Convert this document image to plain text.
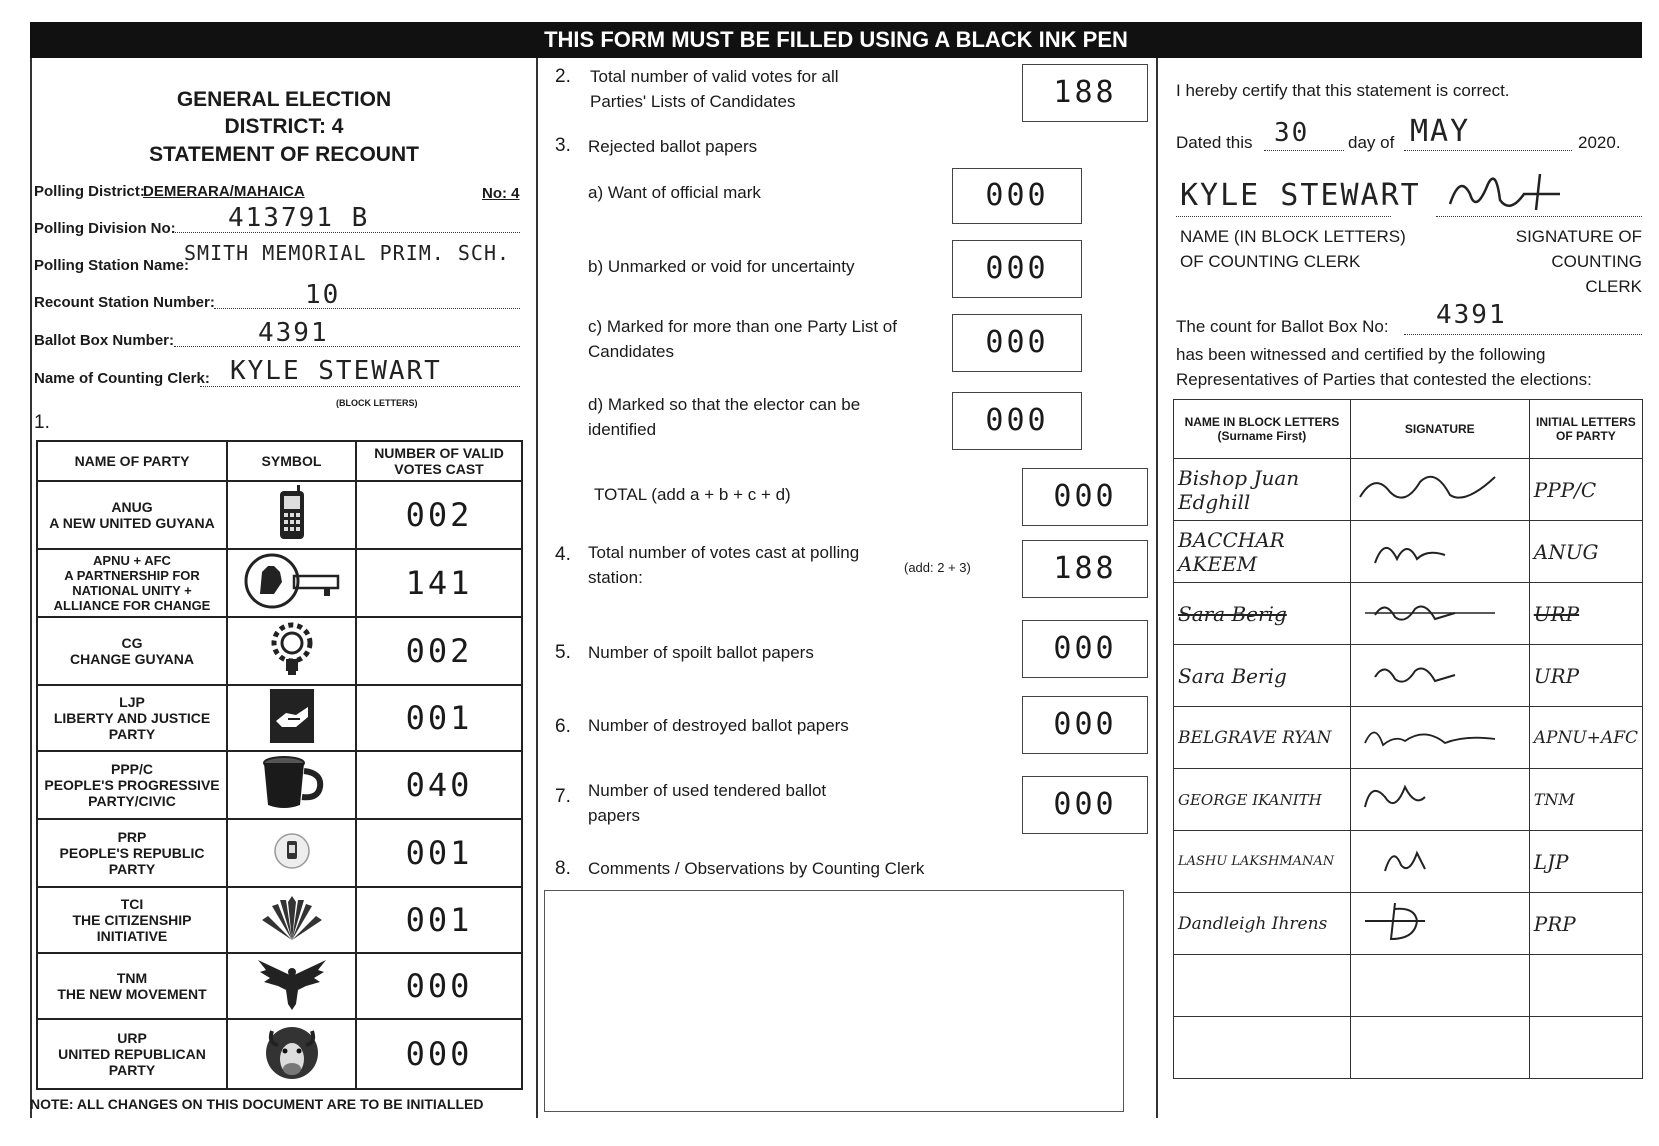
THIS FORM MUST BE FILLED USING A BLACK INK PEN
GENERAL ELECTION
DISTRICT: 4
STATEMENT OF RECOUNT
Polling District:
DEMERARA/MAHAICA	No: 4
Polling Division No: 413791 B
Polling Station Name:
SMITH MEMORIAL PRIM. SCH.
Recount Station Number:	10
Ballot Box Number:	4391
Name of Counting Clerk: KYLE STEWART
(BLOCK LETTERS)
1.
NAME OF PARTY	SYMBOL	NUMBER OF VALID VOTES CAST
ANUG
A NEW UNITED GUYANA		002
APNU + AFC
A PARTNERSHIP FOR NATIONAL UNITY + ALLIANCE FOR CHANGE		141
CG
CHANGE GUYANA		002
LJP
LIBERTY AND JUSTICE PARTY		001
PPP/C
PEOPLE'S PROGRESSIVE PARTY/CIVIC		040
PRP
PEOPLE'S REPUBLIC PARTY		001
TCI
THE CITIZENSHIP INITIATIVE		001
TNM
THE NEW MOVEMENT		000
URP
UNITED REPUBLICAN PARTY		000
NOTE: ALL CHANGES ON THIS DOCUMENT ARE TO BE INITIALLED
2. Total number of valid votes for all
Parties' Lists of Candidates	188
3. Rejected ballot papers
a) Want of official mark	000
b) Unmarked or void for uncertainty	000
c) Marked for more than one Party List of
Candidates	000
d) Marked so that the elector can be
identified	000
TOTAL (add a + b + c + d)	000
4. Total number of votes cast at polling
station:
(add: 2 + 3)	188
5. Number of spoilt ballot papers	000
6. Number of destroyed ballot papers	000
7. Number of used tendered ballot
papers	000
8. Comments / Observations by Counting Clerk
I hereby certify that this statement is correct.
Dated this 30 day of MAY	2020.
KYLE STEWART
NAME (IN BLOCK LETTERS)
OF COUNTING CLERK
SIGNATURE OF COUNTING
CLERK
The count for Ballot Box No: 4391
has been witnessed and certified by the following
Representatives of Parties that contested the elections:
NAME IN BLOCK LETTERS
(Surname First)	SIGNATURE	INITIAL LETTERS
OF PARTY
Bishop Juan Edghill		PPP/C
BACCHAR AKEEM		ANUG
Sara Berig		URP
Sara Berig		URP
BELGRAVE RYAN		APNU+AFC
GEORGE IKANITH		TNM
LASHU LAKSHMANAN		LJP
Dandleigh Ihrens		PRP
